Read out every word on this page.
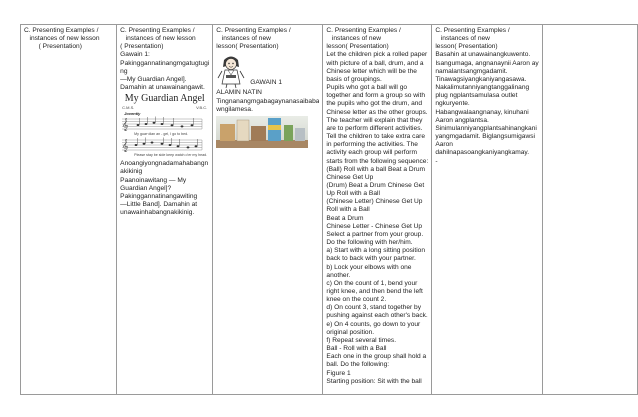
C. Presenting Examples /
instances of new lesson
( Presentation)

C. Presenting Examples /
instances of new lesson
( Presentation)
Gawain 1:
Pakinggannatinangmgatugtugi
ng
—My Guardian Angel].
Damahin at unawainangawit.
My Guardian Angel
C.M.S.	V.B.C.
Jovently
𝄞
My guar·dian an - gel, I go to bed.
𝄞
Please stay be side keep watch o'er my head.
Anoangiyongnadamahabangn
akikinig
Paanoinawitang — My
Guardian Angel]?
Pakinggannatinangawiting
—Little Band]. Damahin at
unawainhabangnakikinig.

C. Presenting Examples /
instances of new
lesson( Presentation)
GAWAIN 1
ALAMIN NATIN
Tingnanangmgabagaynanasaibaba
wngilamesa.

C. Presenting Examples /
instances of new
lesson( Presentation)
Let the children pick a rolled paper
with picture of a ball, drum, and a
Chinese letter which will be the
basis of groupings.
Pupils who got a ball will go
together and form a group so with
the pupils who got the drum, and
Chinese letter as the other groups.
The teacher will explain that they
are to perform different activities.
Tell the children to take extra care
in performing the activities. The
activity each group will perform
starts from the following sequence:
(Ball) Roll with a ball Beat a Drum
Chinese Get Up
(Drum) Beat a Drum Chinese Get
Up Roll with a Ball
(Chinese Letter) Chinese Get Up
Roll with a Ball
Beat a Drum
Chinese Letter - Chinese Get Up
Select a partner from your group.
Do the following with her/him.
a) Start with a long sitting position
back to back with your partner.
b) Lock your elbows with one
another.
c) On the count of 1, bend your
right knee, and then bend the left
knee on the count 2.
d) On count 3, stand together by
pushing against each other's back.
e) On 4 counts, go down to your
original position.
f) Repeat several times.
Ball - Roll with a Ball
Each one in the group shall hold a
ball. Do the following:
Figure 1
Starting position: Sit with the ball

C. Presenting Examples /
instances of new
lesson( Presentation)
Basahin at unawainangkuwento.
Isangumaga, angnanaynii Aaron ay
namalantsangmgadamit.
Tinawagsiyangkaniyangasawa.
Nakalimutanniyangtanggalinang
plug ngplantsamulasa outlet
ngkuryente.
Habangwalaangnanay, kinuhani
Aaron angplantsa.
Sinimulanniyangplantsahinangkani
yangmgadamit. Biglangsumigawsi
Aaron
dahilnapasoangkaniyangkamay.
-
